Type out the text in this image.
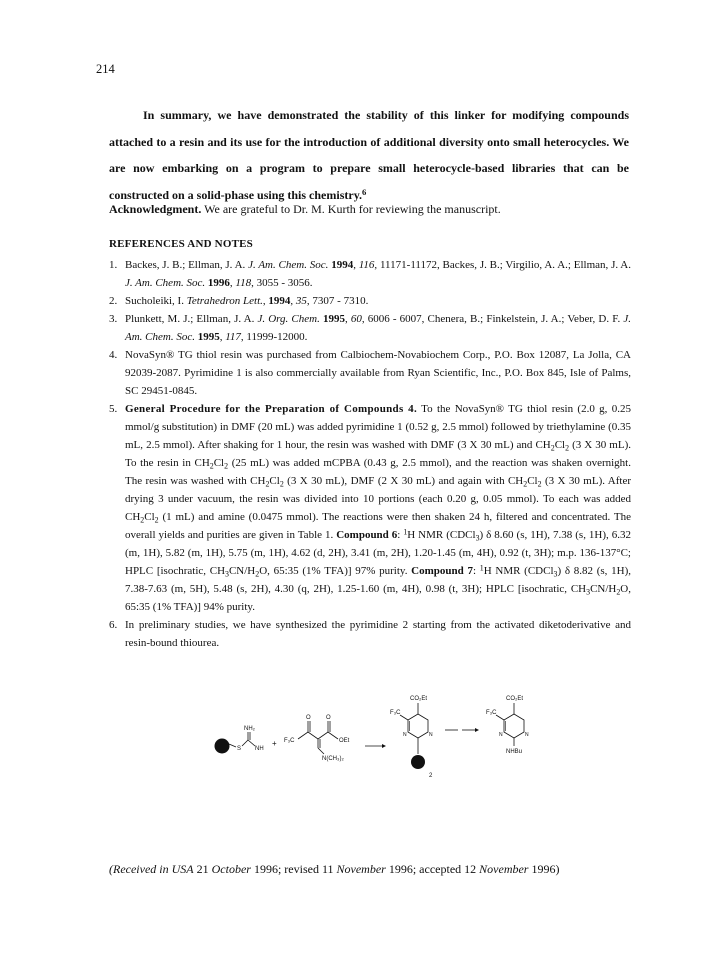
214
In summary, we have demonstrated the stability of this linker for modifying compounds attached to a resin and its use for the introduction of additional diversity onto small heterocycles. We are now embarking on a program to prepare small heterocycle-based libraries that can be constructed on a solid-phase using this chemistry.$^6$
Acknowledgment. We are grateful to Dr. M. Kurth for reviewing the manuscript.
REFERENCES AND NOTES
1. Backes, J. B.; Ellman, J. A. J. Am. Chem. Soc. 1994, 116, 11171-11172, Backes, J. B.; Virgilio, A. A.; Ellman, J. A. J. Am. Chem. Soc. 1996, 118, 3055 - 3056.
2. Sucholeiki, I. Tetrahedron Lett., 1994, 35, 7307 - 7310.
3. Plunkett, M. J.; Ellman, J. A. J. Org. Chem. 1995, 60, 6006 - 6007, Chenera, B.; Finkelstein, J. A.; Veber, D. F. J. Am. Chem. Soc. 1995, 117, 11999-12000.
4. NovaSyn® TG thiol resin was purchased from Calbiochem-Novabiochem Corp., P.O. Box 12087, La Jolla, CA 92039-2087. Pyrimidine 1 is also commercially available from Ryan Scientific, Inc., P.O. Box 845, Isle of Palms, SC 29451-0845.
5. General Procedure for the Preparation of Compounds 4. To the NovaSyn® TG thiol resin (2.0 g, 0.25 mmol/g substitution) in DMF (20 mL) was added pyrimidine 1 (0.52 g, 2.5 mmol) followed by triethylamine (0.35 mL, 2.5 mmol). After shaking for 1 hour, the resin was washed with DMF (3 X 30 mL) and $CH_2Cl_2$ (3 X 30 mL). To the resin in $CH_2Cl_2$ (25 mL) was added mCPBA (0.43 g, 2.5 mmol), and the reaction was shaken overnight. The resin was washed with $CH_2Cl_2$ (3 X 30 mL), DMF (2 X 30 mL) and again with $CH_2Cl_2$ (3 X 30 mL). After drying 3 under vacuum, the resin was divided into 10 portions (each 0.20 g, 0.05 mmol). To each was added $CH_2Cl_2$ (1 mL) and amine (0.0475 mmol). The reactions were then shaken 24 h, filtered and concentrated. The overall yields and purities are given in Table 1. Compound 6: $^1$H NMR (CDCl$_3$) δ 8.60 (s, 1H), 7.38 (s, 1H), 6.32 (m, 1H), 5.82 (m, 1H), 5.75 (m, 1H), 4.62 (d, 2H), 3.41 (m, 2H), 1.20-1.45 (m, 4H), 0.92 (t, 3H); m.p. 136-137°C; HPLC [isochratic, $CH_3CN/H_2O$, 65:35 (1% TFA)] 97% purity. Compound 7: $^1$H NMR (CDCl$_3$) δ 8.82 (s, 1H), 7.38-7.63 (m, 5H), 5.48 (s, 2H), 4.30 (q, 2H), 1.25-1.60 (m, 4H), 0.98 (t, 3H); HPLC [isochratic, $CH_3CN/H_2O$, 65:35 (1% TFA)] 94% purity.
6. In preliminary studies, we have synthesized the pyrimidine 2 starting from the activated diketoderivative and resin-bound thiourea.
S
NH₂
NH
+ F₃C
O	O
OEt
N(CH₃)₂
CO₂Et
F₃C
N	N
2
CO₂Et
F₃C
N	N
NHBu
(Received in USA 21 October 1996; revised 11 November 1996; accepted 12 November 1996)
